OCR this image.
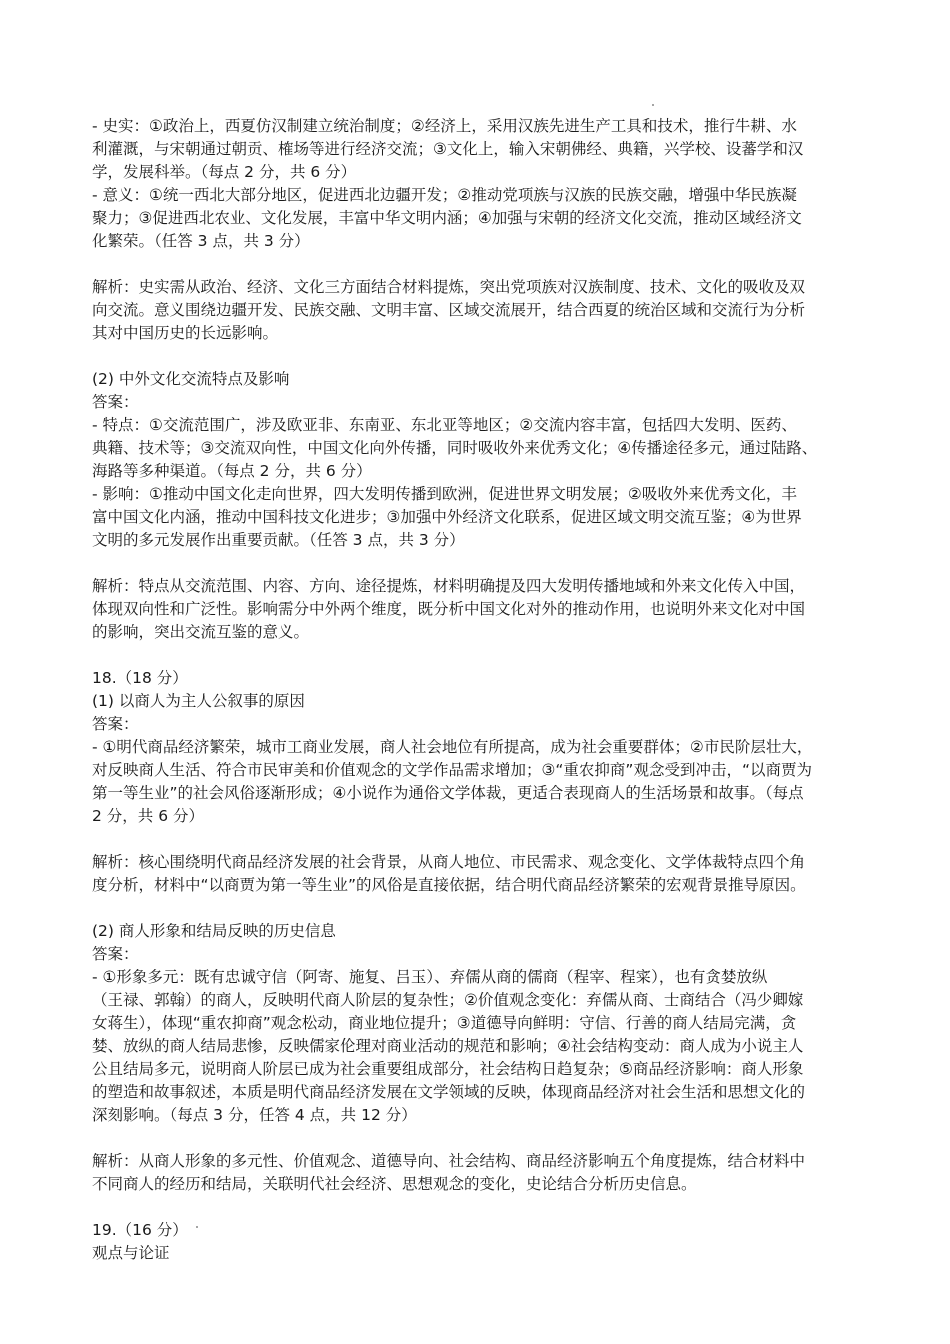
- 史实：①政治上，西夏仿汉制建立统治制度；②经济上，采用汉族先进生产工具和技术，推行牛耕、水
利灌溉，与宋朝通过朝贡、榷场等进行经济交流；③文化上，输入宋朝佛经、典籍，兴学校、设蕃学和汉
学，发展科举。（每点 2 分，共 6 分）
- 意义：①统一西北大部分地区，促进西北边疆开发；②推动党项族与汉族的民族交融，增强中华民族凝
聚力；③促进西北农业、文化发展，丰富中华文明内涵；④加强与宋朝的经济文化交流，推动区域经济文
化繁荣。（任答 3 点，共 3 分）
解析：史实需从政治、经济、文化三方面结合材料提炼，突出党项族对汉族制度、技术、文化的吸收及双
向交流。意义围绕边疆开发、民族交融、文明丰富、区域交流展开，结合西夏的统治区域和交流行为分析
其对中国历史的长远影响。
(2) 中外文化交流特点及影响
答案：
- 特点：①交流范围广，涉及欧亚非、东南亚、东北亚等地区；②交流内容丰富，包括四大发明、医药、
典籍、技术等；③交流双向性，中国文化向外传播，同时吸收外来优秀文化；④传播途径多元，通过陆路、
海路等多种渠道。（每点 2 分，共 6 分）
- 影响：①推动中国文化走向世界，四大发明传播到欧洲，促进世界文明发展；②吸收外来优秀文化，丰
富中国文化内涵，推动中国科技文化进步；③加强中外经济文化联系，促进区域文明交流互鉴；④为世界
文明的多元发展作出重要贡献。（任答 3 点，共 3 分）
解析：特点从交流范围、内容、方向、途径提炼，材料明确提及四大发明传播地域和外来文化传入中国，
体现双向性和广泛性。影响需分中外两个维度，既分析中国文化对外的推动作用，也说明外来文化对中国
的影响，突出交流互鉴的意义。
18.（18 分）
(1) 以商人为主人公叙事的原因
答案：
- ①明代商品经济繁荣，城市工商业发展，商人社会地位有所提高，成为社会重要群体；②市民阶层壮大，
对反映商人生活、符合市民审美和价值观念的文学作品需求增加；③“重农抑商”观念受到冲击，“以商贾为
第一等生业”的社会风俗逐渐形成；④小说作为通俗文学体裁，更适合表现商人的生活场景和故事。（每点
2 分，共 6 分）
解析：核心围绕明代商品经济发展的社会背景，从商人地位、市民需求、观念变化、文学体裁特点四个角
度分析，材料中“以商贾为第一等生业”的风俗是直接依据，结合明代商品经济繁荣的宏观背景推导原因。
(2) 商人形象和结局反映的历史信息
答案：
- ①形象多元：既有忠诚守信（阿寄、施复、吕玉）、弃儒从商的儒商（程宰、程寀），也有贪婪放纵
（王禄、郭翰）的商人，反映明代商人阶层的复杂性；②价值观念变化：弃儒从商、士商结合（冯少卿嫁
女蒋生），体现“重农抑商”观念松动，商业地位提升；③道德导向鲜明：守信、行善的商人结局完满，贪
婪、放纵的商人结局悲惨，反映儒家伦理对商业活动的规范和影响；④社会结构变动：商人成为小说主人
公且结局多元，说明商人阶层已成为社会重要组成部分，社会结构日趋复杂；⑤商品经济影响：商人形象
的塑造和故事叙述，本质是明代商品经济发展在文学领域的反映，体现商品经济对社会生活和思想文化的
深刻影响。（每点 3 分，任答 4 点，共 12 分）
解析：从商人形象的多元性、价值观念、道德导向、社会结构、商品经济影响五个角度提炼，结合材料中
不同商人的经历和结局，关联明代社会经济、思想观念的变化，史论结合分析历史信息。
19.（16 分）
观点与论证
